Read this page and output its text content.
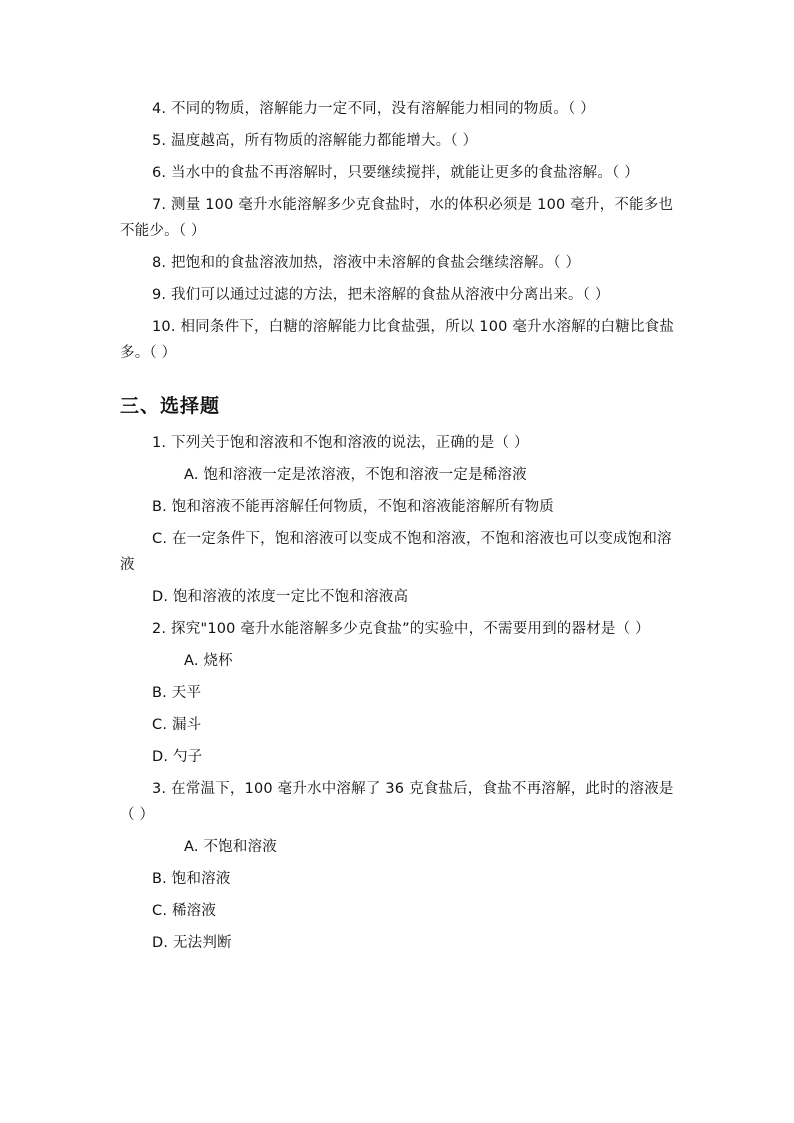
4. 不同的物质，溶解能力一定不同，没有溶解能力相同的物质。（ ）

5. 温度越高，所有物质的溶解能力都能增大。（ ）

6. 当水中的食盐不再溶解时，只要继续搅拌，就能让更多的食盐溶解。（ ）

7. 测量 100 毫升水能溶解多少克食盐时，水的体积必须是 100 毫升，不能多也不能少。（ ）

8. 把饱和的食盐溶液加热，溶液中未溶解的食盐会继续溶解。（ ）

9. 我们可以通过过滤的方法，把未溶解的食盐从溶液中分离出来。（ ）

10. 相同条件下，白糖的溶解能力比食盐强，所以 100 毫升水溶解的白糖比食盐多。（ ）

三、选择题

1. 下列关于饱和溶液和不饱和溶液的说法，正确的是（ ）

A. 饱和溶液一定是浓溶液，不饱和溶液一定是稀溶液

B. 饱和溶液不能再溶解任何物质，不饱和溶液能溶解所有物质

C. 在一定条件下，饱和溶液可以变成不饱和溶液，不饱和溶液也可以变成饱和溶液

D. 饱和溶液的浓度一定比不饱和溶液高

2. 探究"100 毫升水能溶解多少克食盐”的实验中，不需要用到的器材是（ ）

A. 烧杯

B. 天平

C. 漏斗

D. 勺子

3. 在常温下，100 毫升水中溶解了 36 克食盐后，食盐不再溶解，此时的溶液是（ ）

A. 不饱和溶液

B. 饱和溶液

C. 稀溶液

D. 无法判断
